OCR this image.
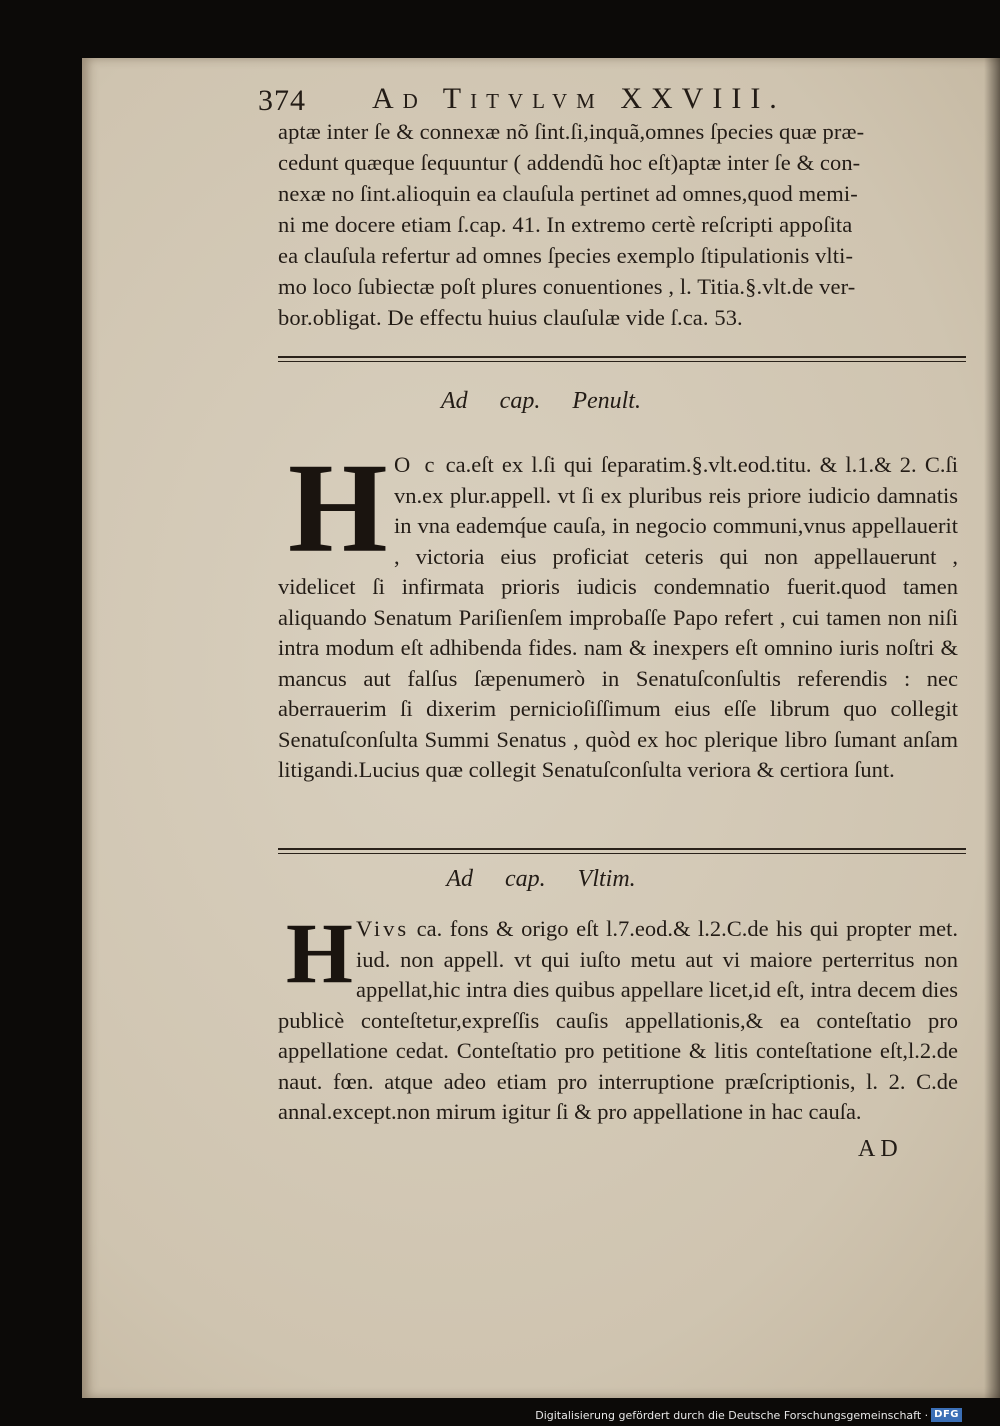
374 Ad Titvlvm XXVIII.
aptæ inter ſe & connexæ nõ ſint.ſi,inquã,omnes ſpecies quæ præ-
cedunt quæque ſequuntur ( addendũ hoc eſt)aptæ inter ſe & con-
nexæ no ſint.alioquin ea clauſula pertinet ad omnes,quod memi-
ni me docere etiam ſ.cap. 41. In extremo certè reſcripti appoſita
ea clauſula refertur ad omnes ſpecies exemplo ſtipulationis vlti-
mo loco ſubiectæ poſt plures conuentiones , l. Titia.§.vlt.de ver-
bor.obligat. De effectu huius clauſulæ vide ſ.ca. 53.
Ad cap. Penult.
H O c ca.eſt ex l.ſi qui ſeparatim.§.vlt.eod.titu. & l.1.& 2. C.ſi vn.ex plur.appell. vt ſi ex pluribus reis priore iudicio damnatis in vna eademq́ue cauſa, in negocio communi,vnus appellauerit , victoria eius proficiat ceteris qui non appellauerunt , videlicet ſi infirmata prioris iudicis condemnatio fuerit.quod tamen aliquando Senatum Pariſienſem improbaſſe Papo refert , cui tamen non niſi intra modum eſt adhibenda fides. nam & inexpers eſt omnino iuris noſtri & mancus aut falſus ſæpenumerò in Senatuſconſultis referendis : nec aberrauerim ſi dixerim pernicioſiſſimum eius eſſe librum quo collegit Senatuſconſulta Summi Senatus , quòd ex hoc plerique libro ſumant anſam litigandi.Lucius quæ collegit Senatuſconſulta veriora & certiora ſunt.

Ad cap. Vltim.
H Vivs ca. fons & origo eſt l.7.eod.& l.2.C.de his qui propter met. iud. non appell. vt qui iuſto metu aut vi maiore perterritus non appellat,hic intra dies quibus appellare licet,id eſt, intra decem dies publicè conteſtetur,expreſſis cauſis appellationis,& ea conteſtatio pro appellatione cedat. Conteſtatio pro petitione & litis conteſtatione eſt,l.2.de naut. fœn. atque adeo etiam pro interruptione præſcriptionis, l. 2. C.de annal.except.non mirum igitur ſi & pro appellatione in hac cauſa.

AD
Digitalisierung gefördert durch die Deutsche Forschungsgemeinschaft · DFG
